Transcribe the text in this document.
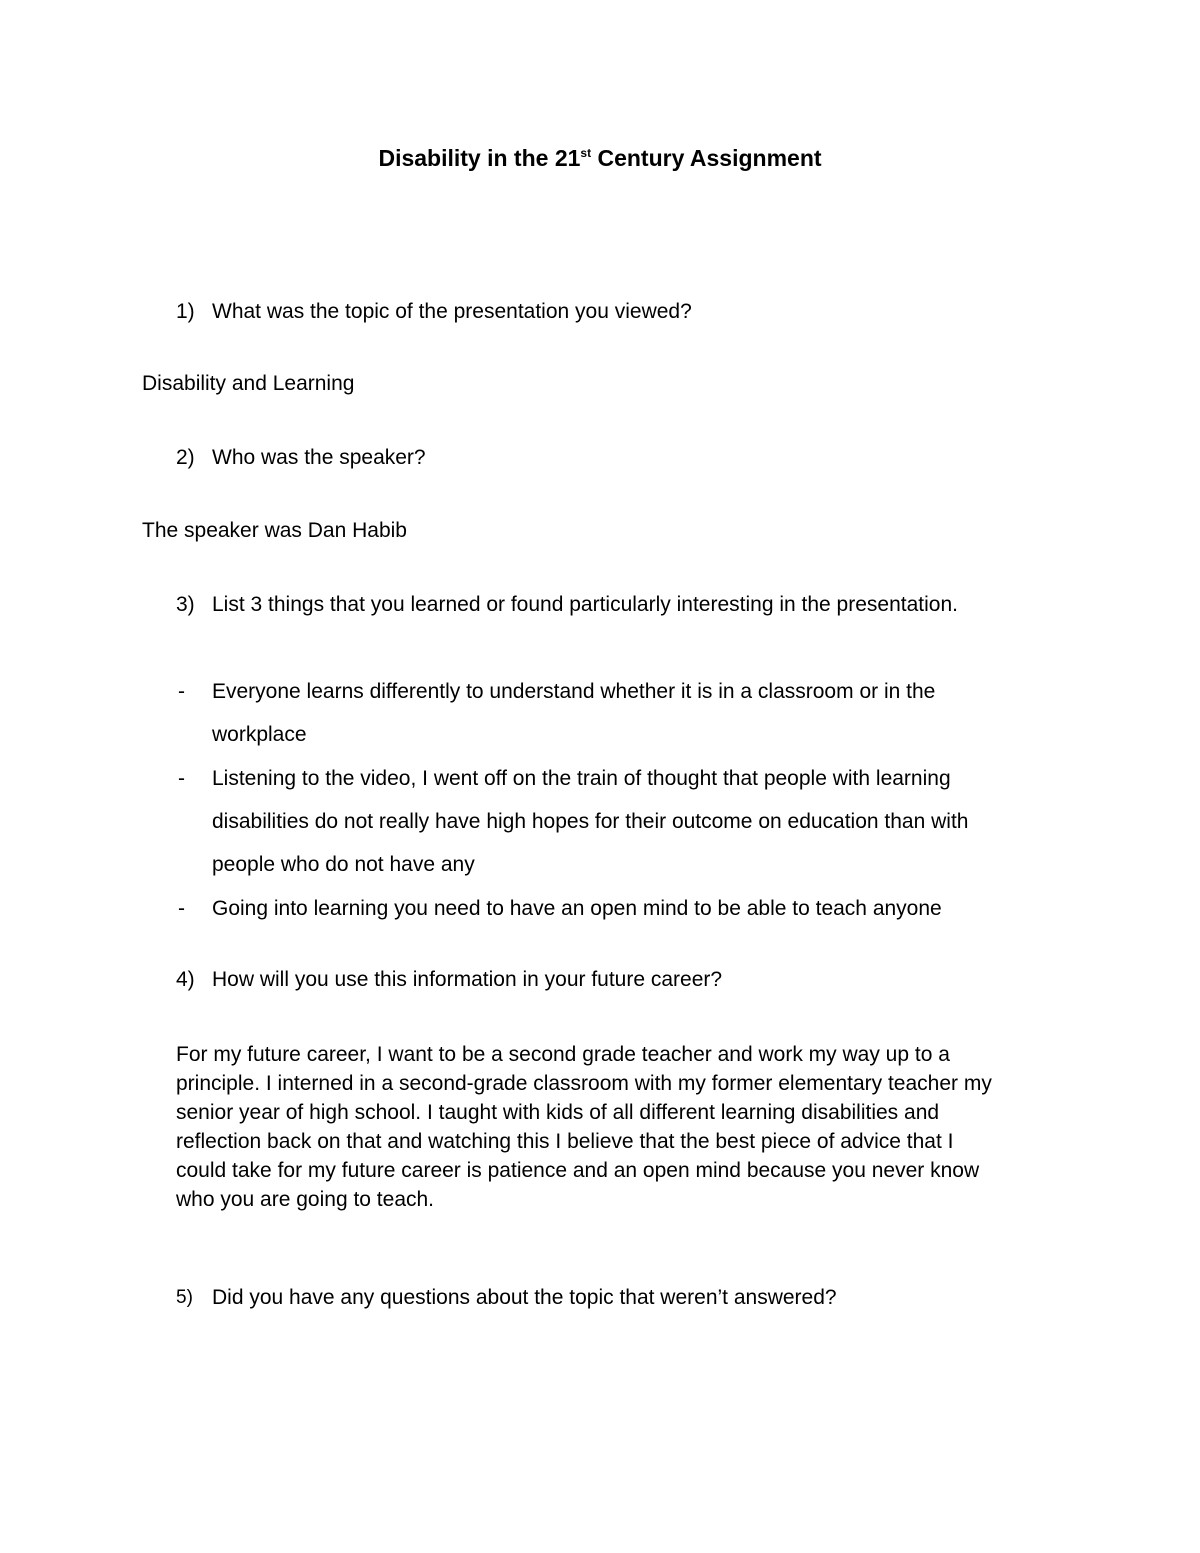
Disability in the 21st Century Assignment
1) What was the topic of the presentation you viewed?
Disability and Learning
2) Who was the speaker?
The speaker was Dan Habib
3) List 3 things that you learned or found particularly interesting in the presentation.
- Everyone learns differently to understand whether it is in a classroom or in the
workplace
- Listening to the video, I went off on the train of thought that people with learning
disabilities do not really have high hopes for their outcome on education than with
people who do not have any
- Going into learning you need to have an open mind to be able to teach anyone
4) How will you use this information in your future career?
For my future career, I want to be a second grade teacher and work my way up to a
principle. I interned in a second-grade classroom with my former elementary teacher my
senior year of high school. I taught with kids of all different learning disabilities and
reflection back on that and watching this I believe that the best piece of advice that I
could take for my future career is patience and an open mind because you never know
who you are going to teach.
5) Did you have any questions about the topic that weren’t answered?
